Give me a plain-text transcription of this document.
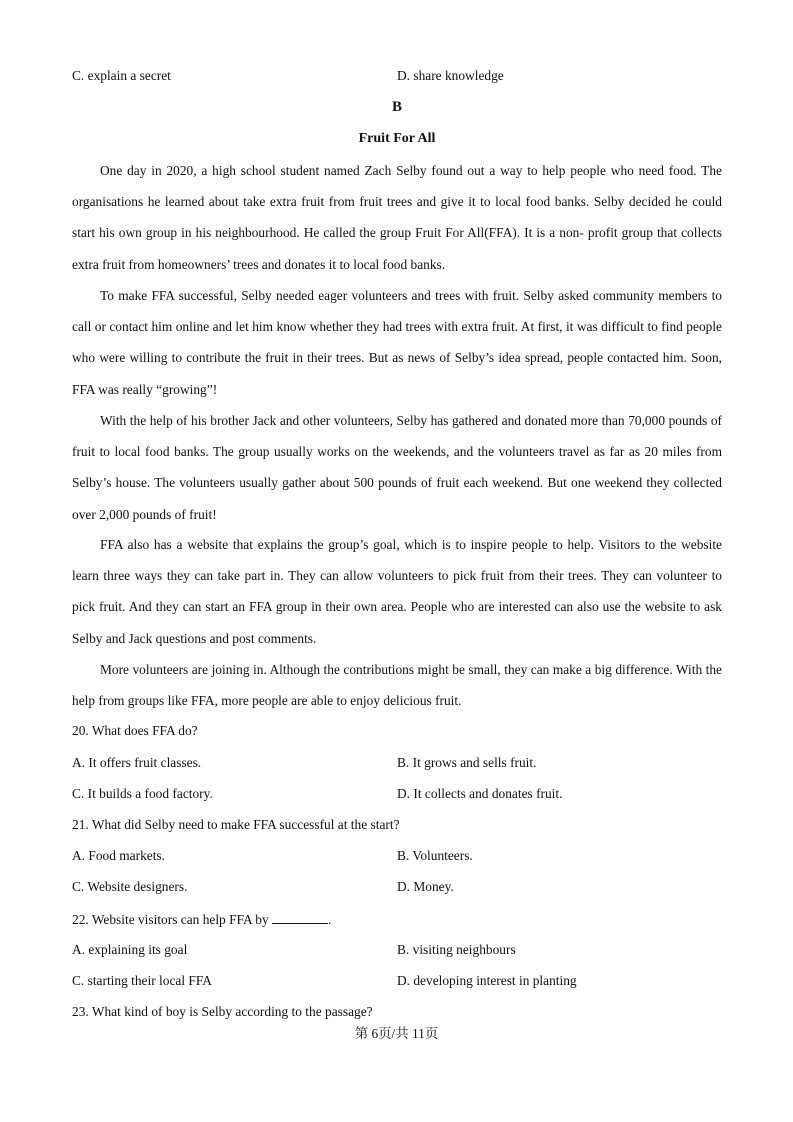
C. explain a secret	D. share knowledge
B
Fruit For All
One day in 2020, a high school student named Zach Selby found out a way to help people who need food. The organisations he learned about take extra fruit from fruit trees and give it to local food banks. Selby decided he could start his own group in his neighbourhood. He called the group Fruit For All(FFA). It is a non- profit group that collects extra fruit from homeowners’ trees and donates it to local food banks.
To make FFA successful, Selby needed eager volunteers and trees with fruit. Selby asked community members to call or contact him online and let him know whether they had trees with extra fruit. At first, it was difficult to find people who were willing to contribute the fruit in their trees. But as news of Selby’s idea spread, people contacted him. Soon, FFA was really “growing”!
With the help of his brother Jack and other volunteers, Selby has gathered and donated more than 70,000 pounds of fruit to local food banks. The group usually works on the weekends, and the volunteers travel as far as 20 miles from Selby’s house. The volunteers usually gather about 500 pounds of fruit each weekend. But one weekend they collected over 2,000 pounds of fruit!
FFA also has a website that explains the group’s goal, which is to inspire people to help. Visitors to the website learn three ways they can take part in. They can allow volunteers to pick fruit from their trees. They can volunteer to pick fruit. And they can start an FFA group in their own area. People who are interested can also use the website to ask Selby and Jack questions and post comments.
More volunteers are joining in. Although the contributions might be small, they can make a big difference. With the help from groups like FFA, more people are able to enjoy delicious fruit.
20. What does FFA do?
A. It offers fruit classes.	B. It grows and sells fruit.
C. It builds a food factory.	D. It collects and donates fruit.
21. What did Selby need to make FFA successful at the start?
A. Food markets.	B. Volunteers.
C. Website designers.	D. Money.
22. Website visitors can help FFA by	.
A. explaining its goal	B. visiting neighbours
C. starting their local FFA	D. developing interest in planting
23. What kind of boy is Selby according to the passage?
第 6页/共 11页
